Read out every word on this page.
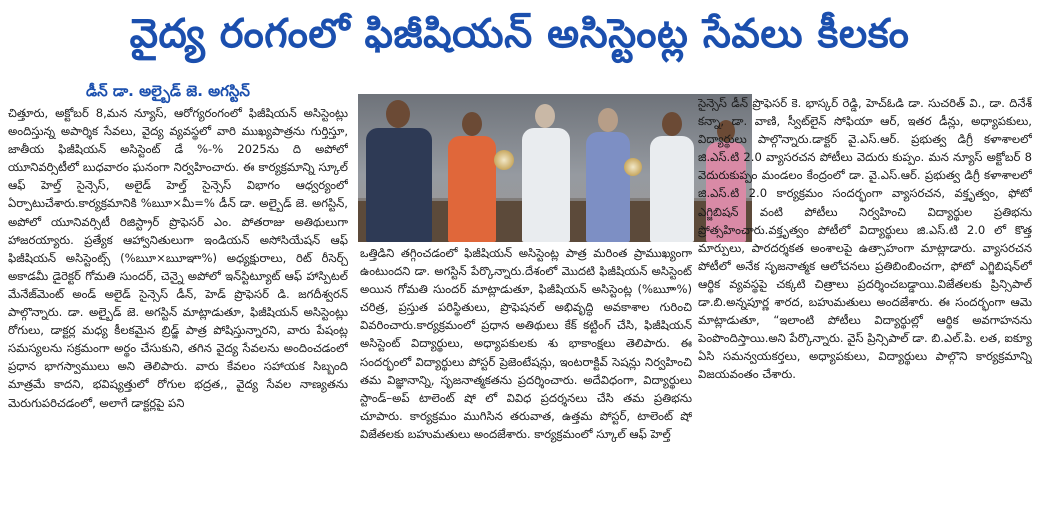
వైద్య రంగంలో ఫిజీషియన్ అసిస్టెంట్ల సేవలు కీలకం
డీన్ డా. అల్బైడ్ జె. అగస్టిన్

చిత్తూరు, అక్టోబర్ 8,మన న్యూస్, ఆరోగ్యరంగంలో ఫిజీషియన్ అసిస్టెంట్లు అందిస్తున్న అపార్శిక సేవలు, వైద్య వ్యవస్థలో వారి ముఖ్యపాత్రను గుర్తిస్తూ, జాతీయ ఫిజీషియన్ అసిస్టెంట్ డే %-% 2025ను ది అపోలో యూనివర్సిటీలో బుధవారం ఘనంగా నిర్వహించారు. ఈ కార్యక్రమాన్ని స్కూల్ ఆఫ్ హెల్త్ సైన్సెస్, అలైడ్ హెల్త్ సైన్సెస్ విభాగం ఆధ్వర్యంలో ఏర్పాటుచేశారు.కార్యక్రమానికి %ౠ×మీ=% డీన్ డా. అల్బైడ్ జె. అగస్టిన్, అపోలో యూనివర్సిటీ రిజిస్ట్రార్ ప్రొఫెసర్ ఎం. పోతరాజు అతిథులుగా హాజరయ్యారు. ప్రత్యేక ఆహ్వానితులుగా ఇండియన్ అసోసియేషన్ ఆఫ్ ఫిజీషియన్ అసిస్టెంట్స్ (%ౠ×ౠఞా%) అధ్యక్షురాలు, రిట్ రీసెర్చ్ అకాడమీ డైరెక్టర్ గోమతి సుందర్, చెన్నై అపోలో ఇన్‌స్టిట్యూట్ ఆఫ్ హాస్పిటల్ మేనేజ్‌మెంట్ అండ్ అలైడ్ సైన్సెస్ డీన్, హెడ్ ప్రొఫెసర్ డి. జగదీశ్వరన్ పాల్గొన్నారు. డా. అల్బైడ్ జె. అగస్టిన్ మాట్లాడుతూ, ఫిజీషియన్ అసిస్టెంట్లు రోగులు, డాక్టర్ల మధ్య కీలకమైన బ్రిడ్జ్ పాత్ర పోషిస్తున్నారని, వారు పేషంట్ల సమస్యలను సక్రమంగా అర్థం చేసుకుని, తగిన వైద్య సేవలను అందించడంలో ప్రధాన భాగస్వాములు అని తెలిపారు. వారు కేవలం సహాయక సిబ్బంది మాత్రమే కాదని, భవిష్యత్తులో రోగుల భద్రత,, వైద్య సేవల నాణ్యతను మెరుగుపరిచడంలో, అలాగే డాక్టర్లపై పని

ఒత్తిడిని తగ్గించడంలో ఫిజీషియన్ అసిస్టెంట్ల పాత్ర మరింత ప్రాముఖ్యంగా ఉంటుందని డా. అగస్టిన్ పేర్కొన్నారు.దేశంలో మొదటి ఫిజీషియన్ అసిస్టెంట్ అయిన గోమతి సుందర్ మాట్లాడుతూ, ఫిజీషియన్ అసిస్టెంట్ల (%ౠా%) చరిత్ర, ప్రస్తుత పరిస్థితులు, ప్రొఫెషనల్ అభివృద్ధి అవకాశాల గురించి వివరించారు.కార్యక్రమంలో ప్రధాన అతిథులు కేక్ కట్టింగ్ చేసి, ఫిజీషియన్ అసిస్టెంట్ విద్యార్థులు, అధ్యాపకులకు శు భాకాంక్షలు తెలిపారు. ఈ సందర్భంలో విద్యార్థులు పోస్టర్ ప్రెజెంటేషన్లు, ఇంటరాక్టివ్ సెషన్లు నిర్వహించి తమ విజ్ఞానాన్ని, సృజనాత్మకతను ప్రదర్శించారు. అదేవిధంగా, విద్యార్థులు స్టాండ్–అప్ టాలెంట్ షో లో వివిధ ప్రదర్శనలు చేసి తమ ప్రతిభను చూపారు. కార్యక్రమం ముగిసిన తరువాత, ఉత్తమ పోస్టర్, టాలెంట్ షో విజేతలకు బహుమతులు అందజేశారు. కార్యక్రమంలో స్కూల్ ఆఫ్ హెల్త్

సైన్సెస్ డీన్ ప్రొఫెసర్ కె. భాస్కర్ రెడ్డి, హెచ్ఓడి డా. సుచరిత్ వి., డా. దినేశ్ కన్నా, డా. వాణి, స్వీట్‌లైన్ సోఫియా ఆర్, ఇతర డీన్లు, అధ్యాపకులు, విద్యార్థులు పాల్గొన్నారు.డాక్టర్ వై.ఎస్.ఆర్. ప్రభుత్వ డిగ్రీ కళాశాలలో జి.ఎస్.టి 2.0 వ్యాసరచన పోటీలు వెదురు కుప్పం. మన న్యూస్ అక్టోబర్ 8 వెదురుకుప్పం మండలం కేంద్రంలో డా. వై.ఎస్.ఆర్. ప్రభుత్వ డిగ్రీ కళాశాలలో జి.ఎస్.టి 2.0 కార్యక్రమం సందర్భంగా వ్యాసరచన, వక్తృత్వం, ఫోటో ఎగ్జిబిషన్ వంటి పోటీలు నిర్వహించి విద్యార్థుల ప్రతిభను ప్రోత్సహించారు.వక్తృత్వం పోటీలో విద్యార్థులు జి.ఎస్.టి 2.0 లో కొత్త మార్పులు, పారదర్శకత అంశాలపై ఉత్సాహంగా మాట్లాడారు. వ్యాసరచన పోటీలో అనేక సృజనాత్మక ఆలోచనలు ప్రతిబింబించగా, ఫోటో ఎగ్జిబిషన్‌లో ఆర్థిక వ్యవస్థపై చక్కటి చిత్రాలు ప్రదర్శించబడ్డాయి.విజేతలకు ప్రిన్సిపాల్ డా.బి.అన్నపూర్ణ శారద, బహుమతులు అందజేశారు. ఈ సందర్భంగా ఆమె మాట్లాడుతూ, “ఇలాంటి పోటీలు విద్యార్థుల్లో ఆర్థిక అవగాహనను పెంపొందిస్తాయి.అని పేర్కొన్నారు. వైస్ ప్రిన్సిపాల్ డా. బి.ఎల్.పి. లత, ఐక్యూ ఏసి సమన్వయకర్తలు, అధ్యాపకులు, విద్యార్థులు పాల్గొని కార్యక్రమాన్ని విజయవంతం చేశారు.
